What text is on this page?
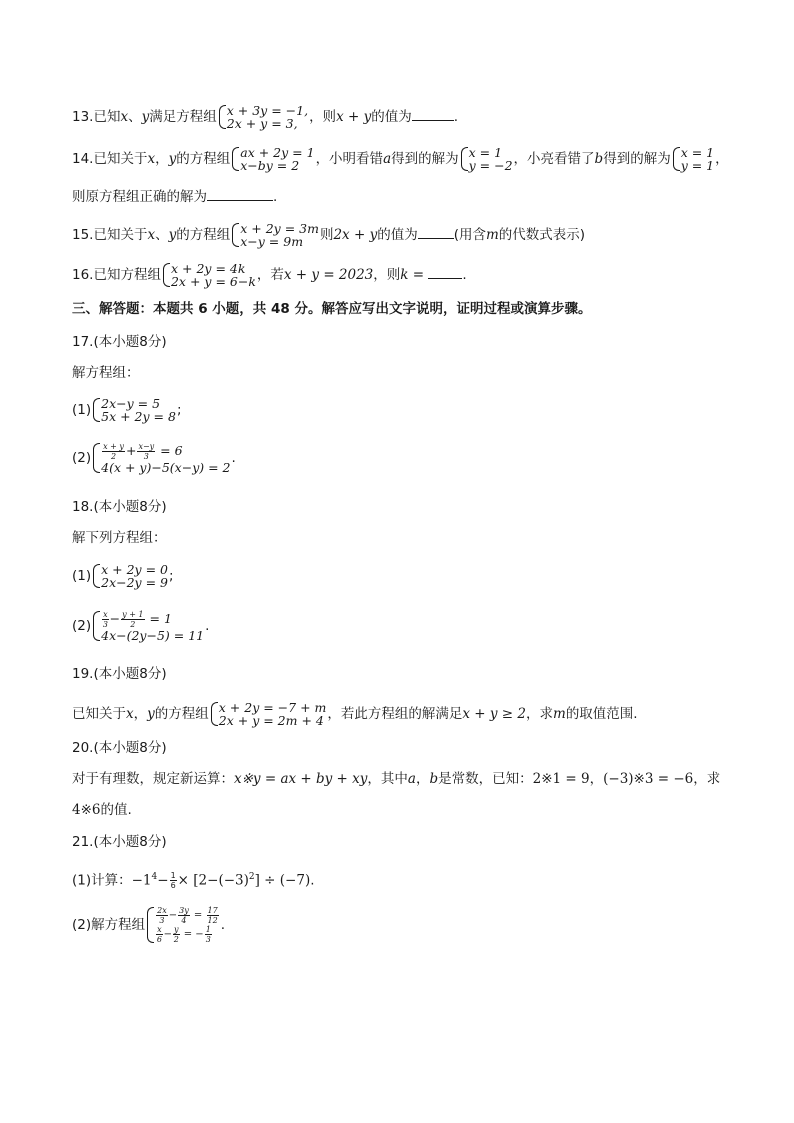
13.已知x、y满足方程组 x + 3y = −1,
2x + y = 3, ，则x + y的值为	.
14.已知关于x，y的方程组 ax + 2y = 1
x−by = 2	，小明看错a得到的解为 x = 1
y = −2 ，小亮看错了b得到的解为 x = 1
y = 1 ，
则原方程组正确的解为	.
15.已知关于x、y的方程组 x + 2y = 3m
x−y = 9m	则2x + y的值为	(用含m的代数式表示)
16.已知方程组 x + 2y = 4k
2x + y = 6−k ，若x + y = 2023，则k =	.
三、解答题：本题共 6 小题，共 48 分。解答应写出文字说明，证明过程或演算步骤。
17.(本小题8分)
解方程组：
(1) 2x−y = 5
5x + 2y = 8 ;
$(2) \frac{x + y}{2} + \frac{x-y}{3} = 6$
4(x + y)−5(x−y) = 2
.
18.(本小题8分)
解下列方程组：
(1) x + 2y = 0
2x−2y = 9 ;
$(2) \frac{x}{3} - \frac{y + 1}{2} = 1$
4x−(2y−5) = 11
.
19.(本小题8分)
已知关于x，y的方程组 x + 2y = −7 + m
2x + y = 2m + 4 ，若此方程组的解满足x + y ≥ 2，求m的取值范围.
20.(本小题8分)
对于有理数，规定新运算：x※y = ax + by + xy，其中a，b是常数，已知：2※1 = 9，(−3)※3 = −6，求
4※6的值.
21.(本小题8分)
(1)计算：$-1^4- \frac{1}{6} \times [2-(-3)^2] \div (-7)$.
(2)解方程组 $\frac{2x}{3} - \frac{3y}{4} = \frac{17}{12}$
$\frac{x}{6} - \frac{y}{2}$ = − $\frac{1}{3}$ .
